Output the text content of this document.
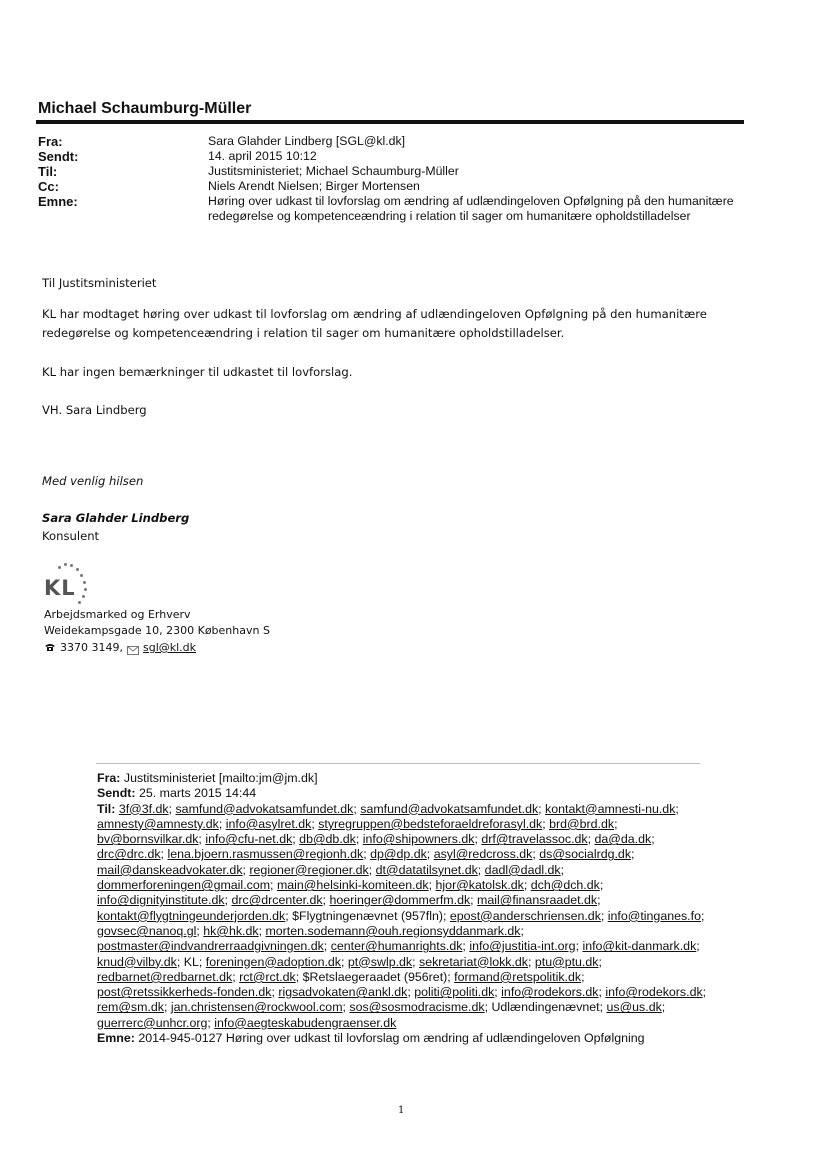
Michael Schaumburg-Müller
Fra:	Sara Glahder Lindberg [SGL@kl.dk]
Sendt:	14. april 2015 10:12
Til:	Justitsministeriet; Michael Schaumburg-Müller
Cc:	Niels Arendt Nielsen; Birger Mortensen
Emne:	Høring over udkast til lovforslag om ændring af udlændingeloven Opfølgning på den humanitære redegørelse og kompetenceændring i relation til sager om humanitære opholdstilladelser
Til Justitsministeriet
KL har modtaget høring over udkast til lovforslag om ændring af udlændingeloven Opfølgning på den humanitære redegørelse og kompetenceændring i relation til sager om humanitære opholdstilladelser.
KL har ingen bemærkninger til udkastet til lovforslag.
VH. Sara Lindberg
Med venlig hilsen
Sara Glahder Lindberg
Konsulent
KL
Arbejdsmarked og Erhverv
Weidekampsgade 10, 2300 København S
3370 3149, sgl@kl.dk
Fra: Justitsministeriet [mailto:jm@jm.dk]
Sendt: 25. marts 2015 14:44
Til: 3f@3f.dk; samfund@advokatsamfundet.dk; samfund@advokatsamfundet.dk; kontakt@amnesti-nu.dk; amnesty@amnesty.dk; info@asylret.dk; styregruppen@bedsteforaeldreforasyl.dk; brd@brd.dk; bv@bornsvilkar.dk; info@cfu-net.dk; db@db.dk; info@shipowners.dk; drf@travelassoc.dk; da@da.dk; drc@drc.dk; lena.bjoern.rasmussen@regionh.dk; dp@dp.dk; asyl@redcross.dk; ds@socialrdg.dk; mail@danskeadvokater.dk; regioner@regioner.dk; dt@datatilsynet.dk; dadl@dadl.dk; dommerforeningen@gmail.com; main@helsinki-komiteen.dk; hjor@katolsk.dk; dch@dch.dk; info@dignityinstitute.dk; drc@drcenter.dk; hoeringer@dommerfm.dk; mail@finansraadet.dk; kontakt@flygtningeunderjorden.dk; $Flygtningenævnet (957fln); epost@anderschriensen.dk; info@tinganes.fo; govsec@nanoq.gl; hk@hk.dk; morten.sodemann@ouh.regionsyddanmark.dk; postmaster@indvandrerraadgivningen.dk; center@humanrights.dk; info@justitia-int.org; info@kit-danmark.dk; knud@vilby.dk; KL; foreningen@adoption.dk; pt@swlp.dk; sekretariat@lokk.dk; ptu@ptu.dk; redbarnet@redbarnet.dk; rct@rct.dk; $Retslaegeraadet (956ret); formand@retspolitik.dk; post@retssikkerheds-fonden.dk; rigsadvokaten@ankl.dk; politi@politi.dk; info@rodekors.dk; info@rodekors.dk; rem@sm.dk; jan.christensen@rockwool.com; sos@sosmodracisme.dk; Udlændingenævnet; us@us.dk; guerrerc@unhcr.org; info@aegteskabudengraenser.dk
Emne: 2014-945-0127 Høring over udkast til lovforslag om ændring af udlændingeloven Opfølgning
1
